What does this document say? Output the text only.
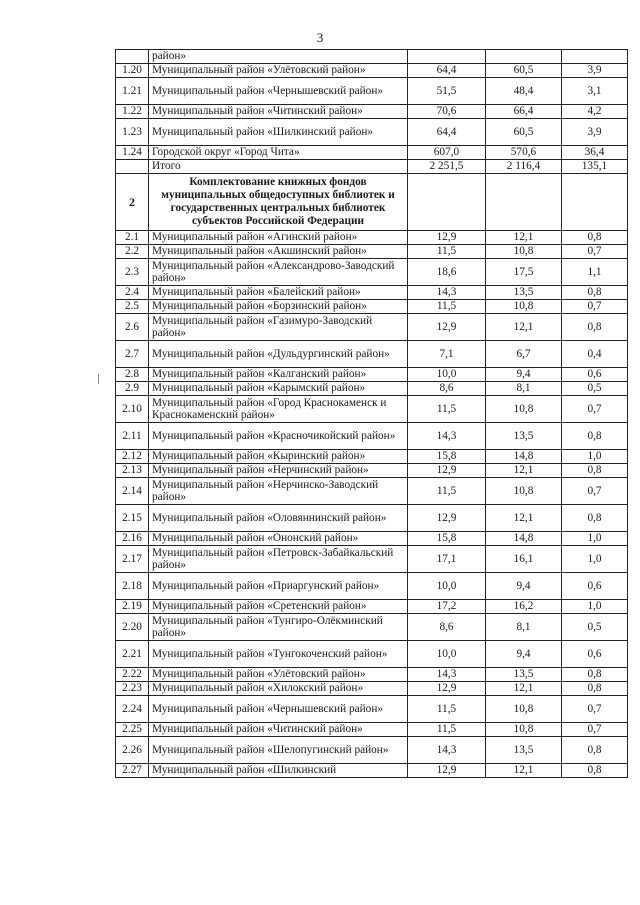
3
	район»			
1.20	Муниципальный район «Улётовский район»	64,4	60,5	3,9
1.21	Муниципальный район «Чернышевский район»	51,5	48,4	3,1
1.22	Муниципальный район «Читинский район»	70,6	66,4	4,2
1.23	Муниципальный район «Шилкинский район»	64,4	60,5	3,9
1.24	Городской округ «Город Чита»	607,0	570,6	36,4
	Итого	2 251,5	2 116,4	135,1
2	Комплектование книжных фондов муниципальных общедоступных библиотек и государственных центральных библиотек субъектов Российской Федерации			
2.1	Муниципальный район «Агинский район»	12,9	12,1	0,8
2.2	Муниципальный район «Акшинский район»	11,5	10,8	0,7
2.3	Муниципальный район «Александрово-Заводский район»	18,6	17,5	1,1
2.4	Муниципальный район «Балейский район»	14,3	13,5	0,8
2.5	Муниципальный район «Борзинский район»	11,5	10,8	0,7
2.6	Муниципальный район «Газимуро-Заводский район»	12,9	12,1	0,8
2.7	Муниципальный район «Дульдургинский район»	7,1	6,7	0,4
2.8	Муниципальный район «Калганский район»	10,0	9,4	0,6
2.9	Муниципальный район «Карымский район»	8,6	8,1	0,5
2.10	Муниципальный район «Город Краснокаменск и Краснокаменский район»	11,5	10,8	0,7
2.11	Муниципальный район «Красночикойский район»	14,3	13,5	0,8
2.12	Муниципальный район «Кыринский район»	15,8	14,8	1,0
2.13	Муниципальный район «Нерчинский район»	12,9	12,1	0,8
2.14	Муниципальный район «Нерчинско-Заводский район»	11,5	10,8	0,7
2.15	Муниципальный район «Оловяннинский район»	12,9	12,1	0,8
2.16	Муниципальный район «Ононский район»	15,8	14,8	1,0
2.17	Муниципальный район «Петровск-Забайкальский район»	17,1	16,1	1,0
2.18	Муниципальный район «Приаргунский район»	10,0	9,4	0,6
2.19	Муниципальный район «Сретенский район»	17,2	16,2	1,0
2.20	Муниципальный район «Тунгиро-Олёкминский район»	8,6	8,1	0,5
2.21	Муниципальный район «Тунгокоченский район»	10,0	9,4	0,6
2.22	Муниципальный район «Улётовский район»	14,3	13,5	0,8
2.23	Муниципальный район «Хилокский район»	12,9	12,1	0,8
2.24	Муниципальный район «Чернышевский район»	11,5	10,8	0,7
2.25	Муниципальный район «Читинский район»	11,5	10,8	0,7
2.26	Муниципальный район «Шелопугинский район»	14,3	13,5	0,8
2.27	Муниципальный район «Шилкинский	12,9	12,1	0,8
